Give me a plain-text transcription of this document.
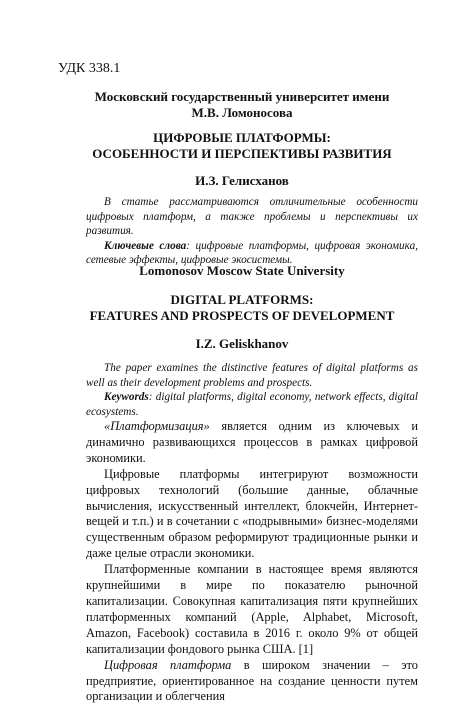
УДК 338.1
Московский государственный университет имени
М.В. Ломоносова
ЦИФРОВЫЕ ПЛАТФОРМЫ:
ОСОБЕННОСТИ И ПЕРСПЕКТИВЫ РАЗВИТИЯ
И.З. Гелисханов

В статье рассматриваются отличительные особенности цифровых платформ, а также проблемы и перспективы их развития.

Ключевые слова: цифровые платформы, цифровая экономика, сетевые эффекты, цифровые экосистемы.

Lomonosov Moscow State University
DIGITAL PLATFORMS:
FEATURES AND PROSPECTS OF DEVELOPMENT
I.Z. Geliskhanov

The paper examines the distinctive features of digital platforms as well as their development problems and prospects.

Keywords: digital platforms, digital economy, network effects, digital ecosystems.

«Платформизация» является одним из ключевых и динамично развивающихся процессов в рамках цифровой экономики.

Цифровые платформы интегрируют возможности цифровых технологий (большие данные, облачные вычисления, искусственный интеллект, блокчейн, Интернет-вещей и т.п.) и в сочетании с «подрывными» бизнес-моделями существенным образом реформируют традиционные рынки и даже целые отрасли экономики.

Платформенные компании в настоящее время являются крупнейшими в мире по показателю рыночной капитализации. Совокупная капитализация пяти крупнейших платформенных компаний (Apple, Alphabet, Microsoft, Amazon, Facebook) составила в 2016 г. около 9% от общей капитализации фондового рынка США. [1]

Цифровая платформа в широком значении – это предприятие, ориентированное на создание ценности путем организации и облегчения
